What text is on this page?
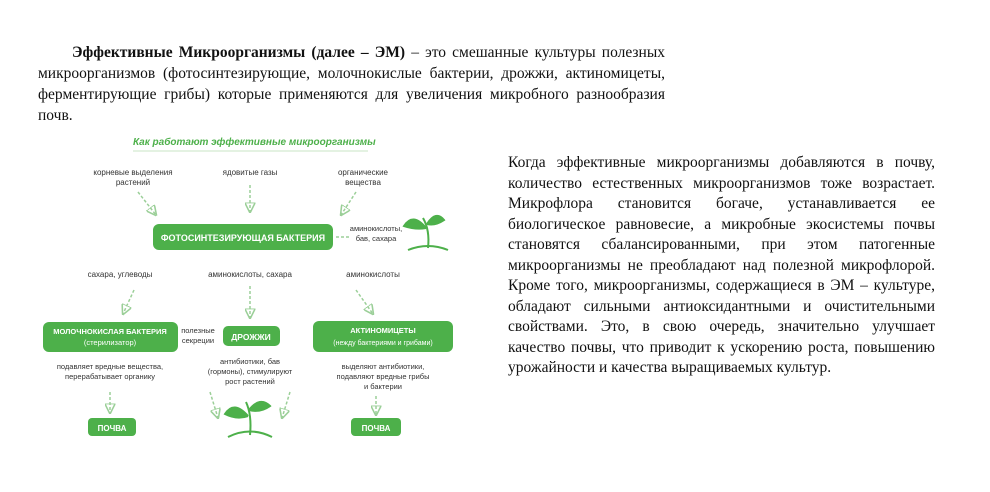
Эффективные Микроорганизмы (далее – ЭМ) – это смешанные культуры полезных микроорганизмов (фотосинтезирующие, молочнокислые бактерии, дрожжи, актиномицеты, ферментирующие грибы) которые применяются для увеличения микробного разнообразия почв.
Как работают эффективные микроорганизмы
корневые выделения
растений
ядовитые газы	органические
вещества
ФОТОСИНТЕЗИРУЮЩАЯ БАКТЕРИЯ
аминокислоты,
бав, сахара
сахара, углеводы	аминокислоты, сахара	аминокислоты
МОЛОЧНОКИСЛАЯ БАКТЕРИЯ
(стерилизатор)
полезные
секреции ДРОЖЖИ
АКТИНОМИЦЕТЫ
(нежду бактериями и грибами)
подавляет вредные вещества,
перерабатывает органику
антибиотики, бав
(гормоны), стимулируют
рост растений
выделяют антибиотики,
подавляют вредные грибы
и бактерии
ПОЧВА	ПОЧВА
Когда эффективные микроорганизмы добавляются в почву, количество естественных микроорганизмов тоже возрастает. Микрофлора становится богаче, устанавливается ее биологическое равновесие, а микробные экосистемы почвы становятся сбалансированными, при этом патогенные микроорганизмы не преобладают над полезной микрофлорой. Кроме того, микроорганизмы, содержащиеся в ЭМ – культуре, обладают сильными антиоксидантными и очистительными свойствами. Это, в свою очередь, значительно улучшает качество почвы, что приводит к ускорению роста, повышению урожайности и качества выращиваемых культур.
